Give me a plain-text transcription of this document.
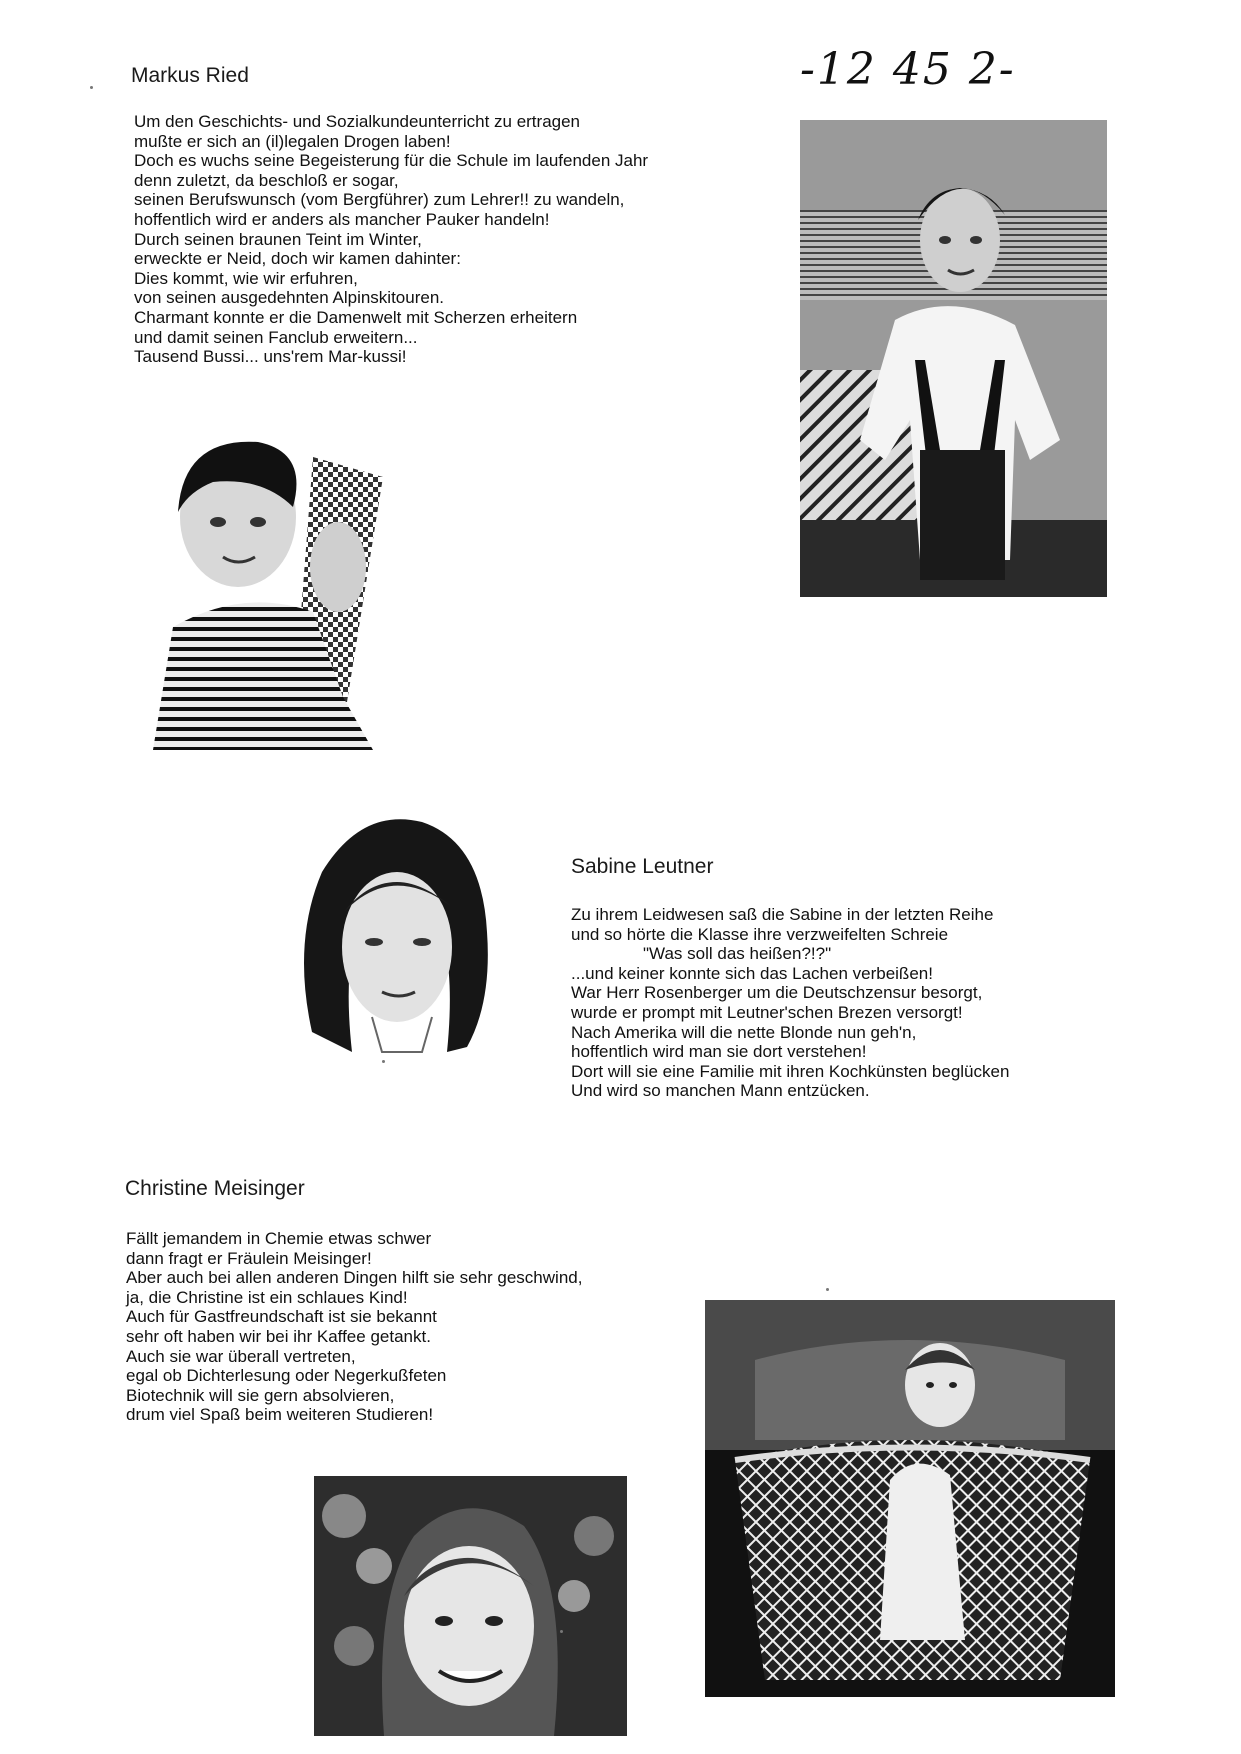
-12 45 2-
Markus Ried
Um den Geschichts- und Sozialkundeunterricht zu ertragen
mußte er sich an (il)legalen Drogen laben!
Doch es wuchs seine Begeisterung für die Schule im laufenden Jahr
denn zuletzt, da beschloß er sogar,
seinen Berufswunsch (vom Bergführer) zum Lehrer!! zu wandeln,
hoffentlich wird er anders als mancher Pauker handeln!
Durch seinen braunen Teint im Winter,
erweckte er Neid, doch wir kamen dahinter:
Dies kommt, wie wir erfuhren,
von seinen ausgedehnten Alpinskitouren.
Charmant konnte er die Damenwelt mit Scherzen erheitern
und damit seinen Fanclub erweitern...
Tausend Bussi... uns'rem Mar-kussi!
Sabine Leutner
Zu ihrem Leidwesen saß die Sabine in der letzten Reihe
und so hörte die Klasse ihre verzweifelten Schreie
"Was soll das heißen?!?"
...und keiner konnte sich das Lachen verbeißen!
War Herr Rosenberger um die Deutschzensur besorgt,
wurde er prompt mit Leutner'schen Brezen versorgt!
Nach Amerika will die nette Blonde nun geh'n,
hoffentlich wird man sie dort verstehen!
Dort will sie eine Familie mit ihren Kochkünsten beglücken
Und wird so manchen Mann entzücken.
Christine Meisinger
Fällt jemandem in Chemie etwas schwer
dann fragt er Fräulein Meisinger!
Aber auch bei allen anderen Dingen hilft sie sehr geschwind,
ja, die Christine ist ein schlaues Kind!
Auch für Gastfreundschaft ist sie bekannt
sehr oft haben wir bei ihr Kaffee getankt.
Auch sie war überall vertreten,
egal ob Dichterlesung oder Negerkußfeten
Biotechnik will sie gern absolvieren,
drum viel Spaß beim weiteren Studieren!
